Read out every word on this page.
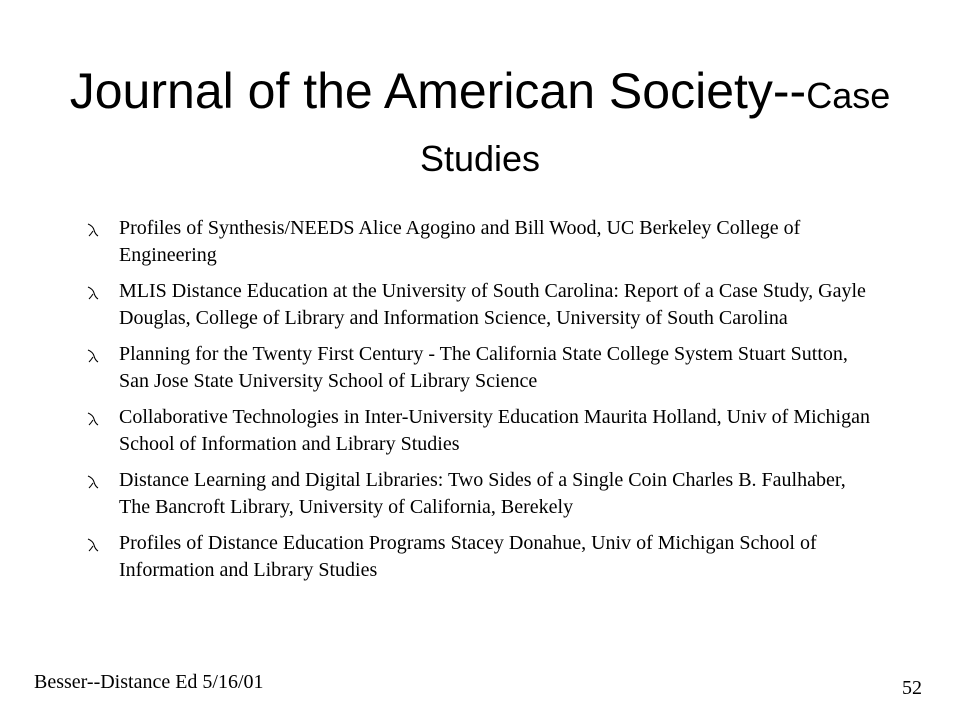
Journal of the American Society--Case Studies
Profiles of Synthesis/NEEDS Alice Agogino and Bill Wood, UC Berkeley College of Engineering
MLIS Distance Education at the University of South Carolina: Report of a Case Study, Gayle Douglas, College of Library and Information Science, University of South Carolina
Planning for the Twenty First Century - The California State College System Stuart Sutton, San Jose State University School of Library Science
Collaborative Technologies in Inter-University Education Maurita Holland, Univ of Michigan School of Information and Library Studies
Distance Learning and Digital Libraries: Two Sides of a Single Coin Charles B. Faulhaber, The Bancroft Library, University of California, Berekely
Profiles of Distance Education Programs Stacey Donahue, Univ of Michigan School of Information and Library Studies
Besser--Distance Ed 5/16/01	52
